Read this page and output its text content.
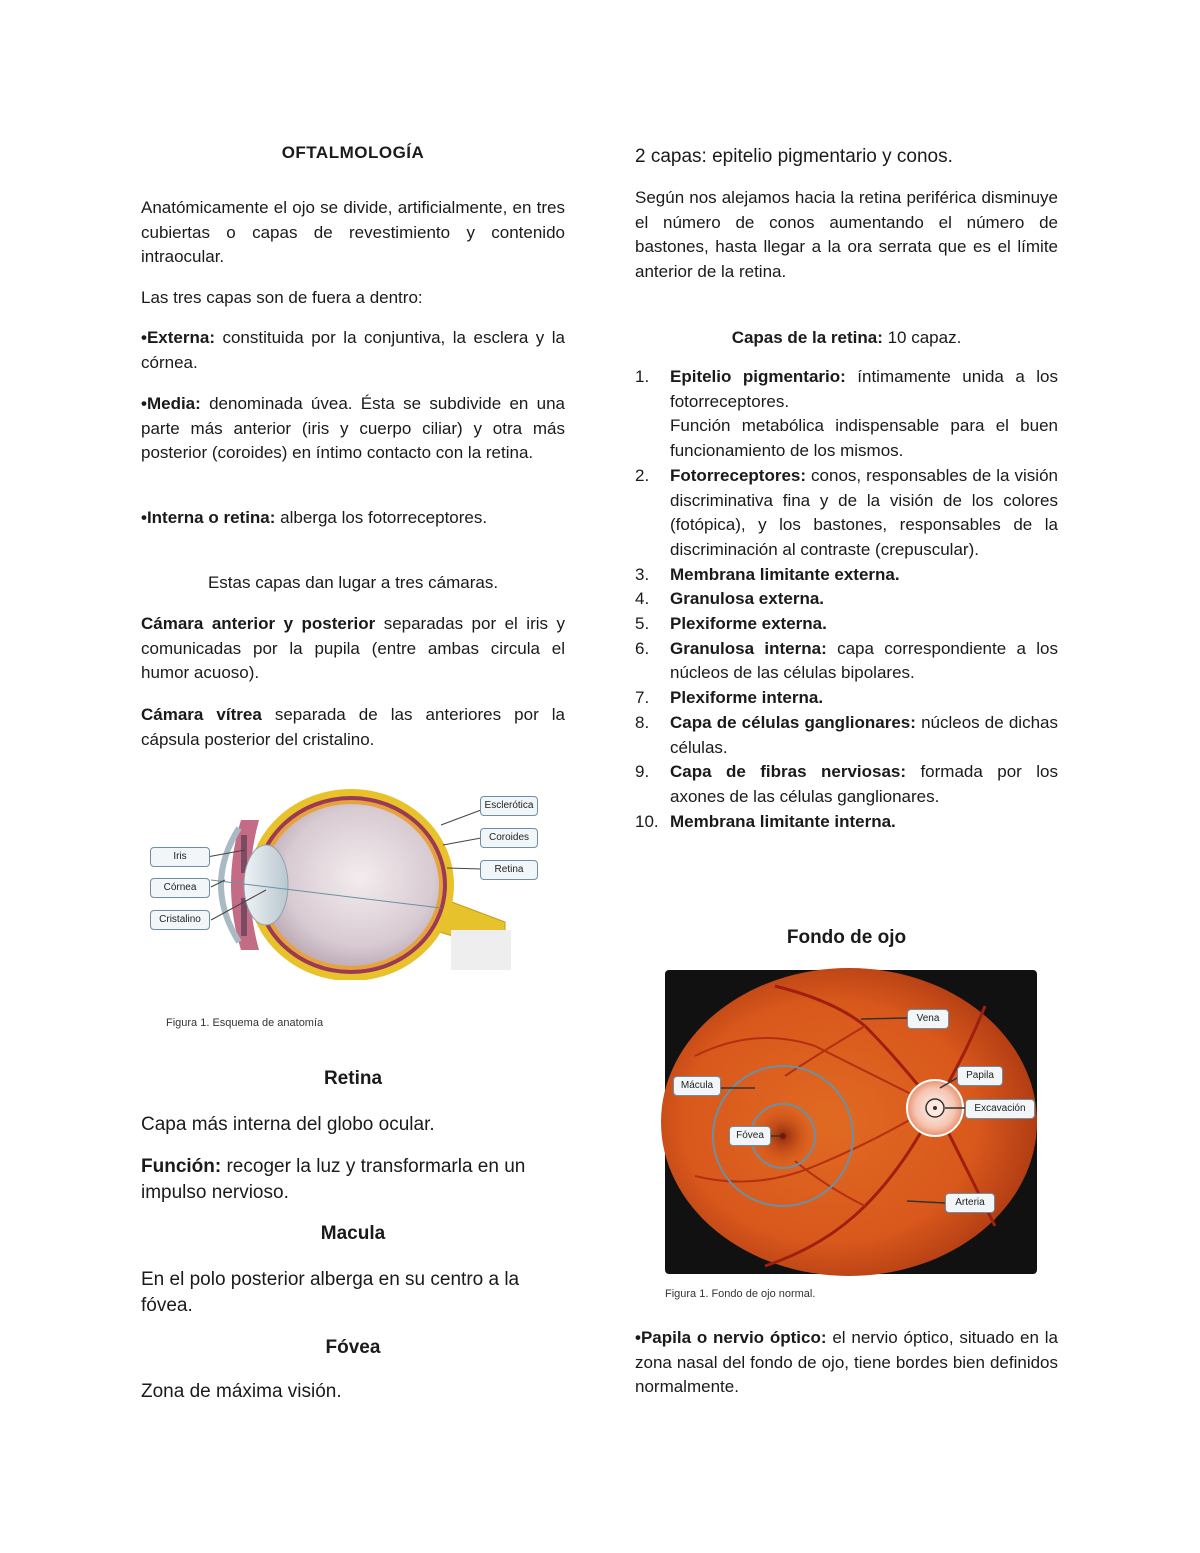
OFTALMOLOGÍA

Anatómicamente el ojo se divide, artificialmente, en tres cubiertas o capas de revestimiento y contenido intraocular.

Las tres capas son de fuera a dentro:

•Externa: constituida por la conjuntiva, la esclera y la córnea.

•Media: denominada úvea. Ésta se subdivide en una parte más anterior (iris y cuerpo ciliar) y otra más posterior (coroides) en íntimo contacto con la retina.

•Interna o retina: alberga los fotorreceptores.

Estas capas dan lugar a tres cámaras.

Cámara anterior y posterior separadas por el iris y comunicadas por la pupila (entre ambas circula el humor acuoso).

Cámara vítrea separada de las anteriores por la cápsula posterior del cristalino.

Iris
Córnea
Cristalino
Esclerótica
Coroides
Retina
Figura 1. Esquema de anatomía
Retina

Capa más interna del globo ocular.

Función: recoger la luz y transformarla en un impulso nervioso.

Macula

En el polo posterior alberga en su centro a la fóvea.

Fóvea

Zona de máxima visión.

2 capas: epitelio pigmentario y conos.

Según nos alejamos hacia la retina periférica disminuye el número de conos aumentando el número de bastones, hasta llegar a la ora serrata que es el límite anterior de la retina.

Capas de la retina: 10 capaz.

1. Epitelio pigmentario: íntimamente unida a los fotorreceptores.
Función metabólica indispensable para el buen funcionamiento de los mismos.
2. Fotorreceptores: conos, responsables de la visión discriminativa fina y de la visión de los colores (fotópica), y los bastones, responsables de la discriminación al contraste (crepuscular).
3. Membrana limitante externa.
4. Granulosa externa.
5. Plexiforme externa.
6. Granulosa interna: capa correspondiente a los núcleos de las células bipolares.
7. Plexiforme interna.
8. Capa de células ganglionares: núcleos de dichas células.
9. Capa de fibras nerviosas: formada por los axones de las células ganglionares.
10. Membrana limitante interna.
Fondo de ojo
Vena
Mácula
Fóvea
Papila
Excavación
Arteria
Figura 1. Fondo de ojo normal.

•Papila o nervio óptico: el nervio óptico, situado en la zona nasal del fondo de ojo, tiene bordes bien definidos normalmente.
